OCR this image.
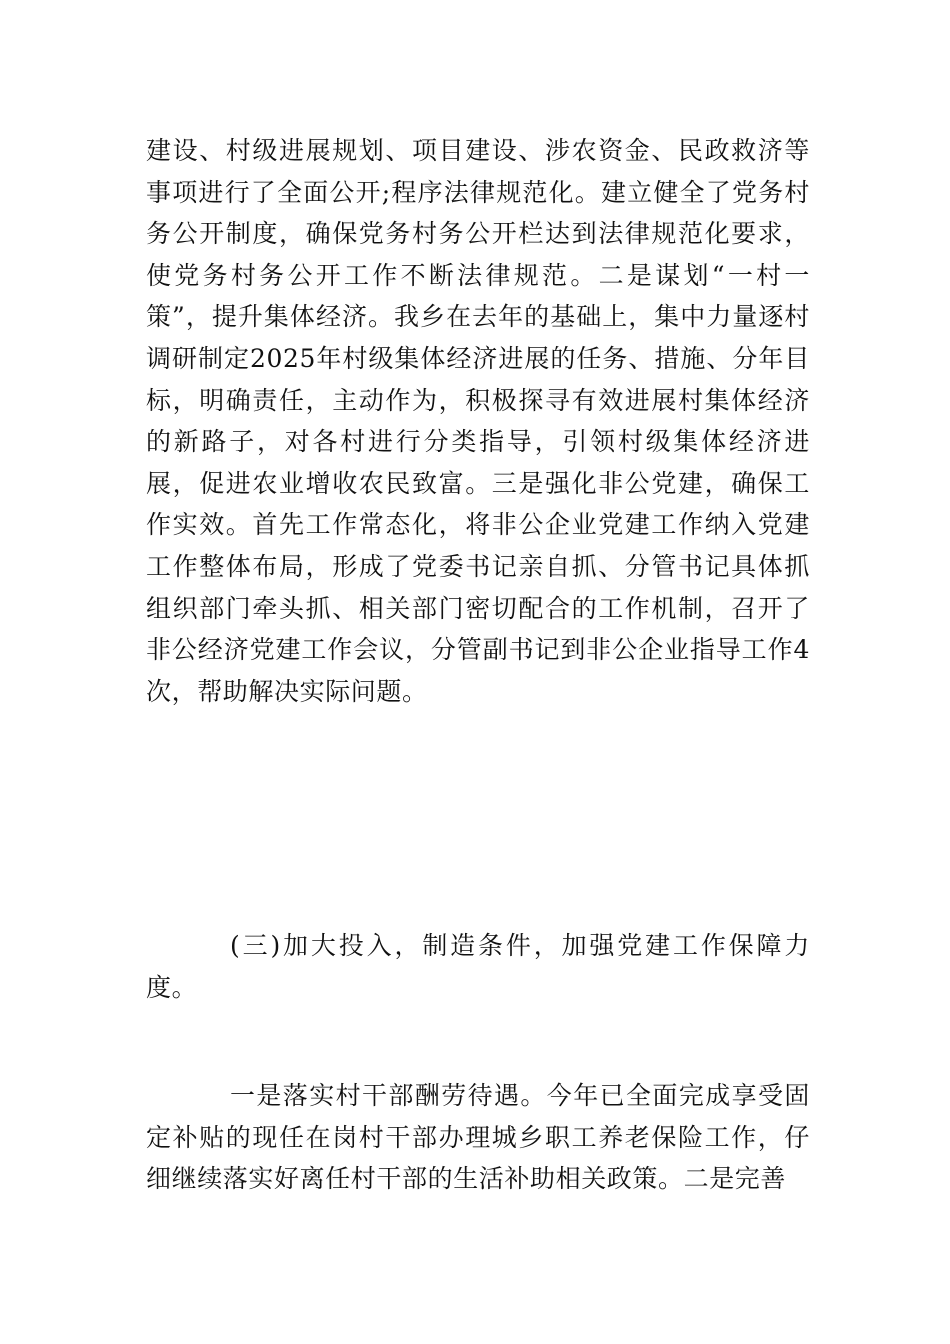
建设、村级进展规划、项目建设、涉农资金、民政救济等事项进行了全面公开;程序法律规范化。建立健全了党务村务公开制度，确保党务村务公开栏达到法律规范化要求，使党务村务公开工作不断法律规范。二是谋划“一村一策”，提升集体经济。我乡在去年的基础上，集中力量逐村调研制定2025年村级集体经济进展的任务、措施、分年目标，明确责任，主动作为，积极探寻有效进展村集体经济的新路子，对各村进行分类指导，引领村级集体经济进展，促进农业增收农民致富。三是强化非公党建，确保工作实效。首先工作常态化，将非公企业党建工作纳入党建工作整体布局，形成了党委书记亲自抓、分管书记具体抓组织部门牵头抓、相关部门密切配合的工作机制，召开了非公经济党建工作会议，分管副书记到非公企业指导工作4次，帮助解决实际问题。

(三)加大投入，制造条件，加强党建工作保障力度。

一是落实村干部酬劳待遇。今年已全面完成享受固定补贴的现任在岗村干部办理城乡职工养老保险工作，仔细继续落实好离任村干部的生活补助相关政策。二是完善
